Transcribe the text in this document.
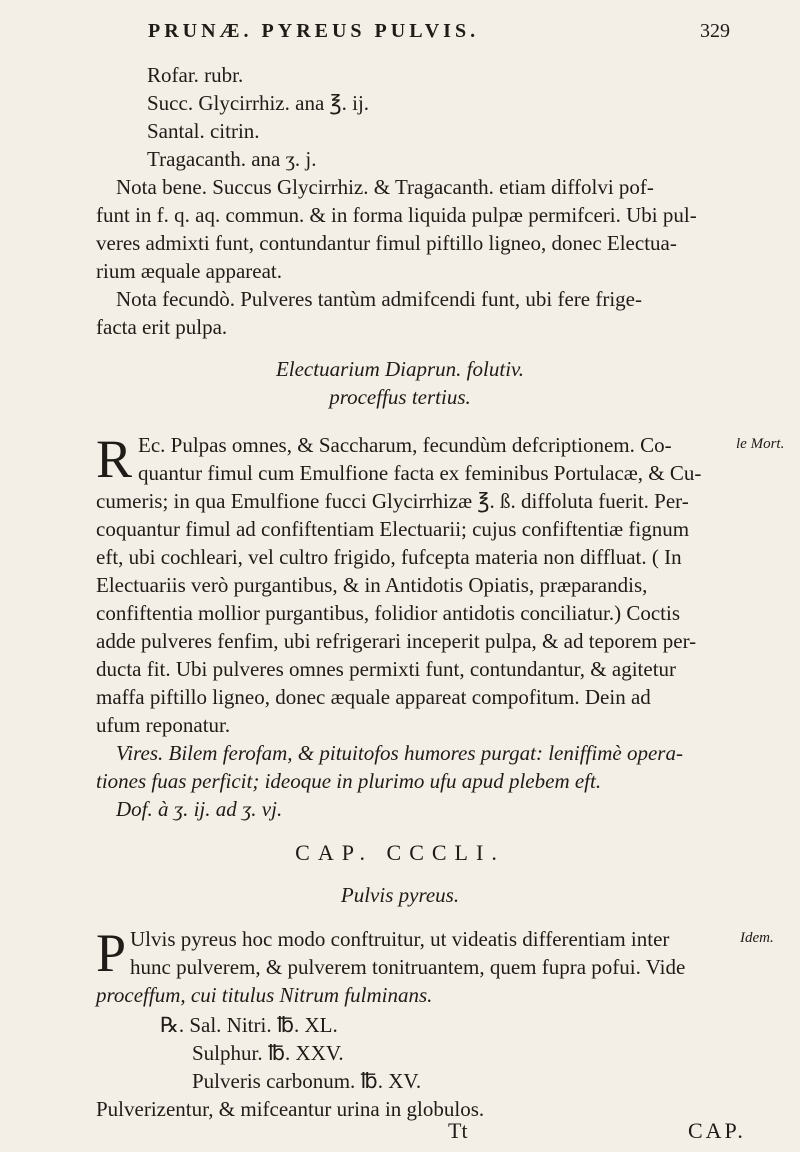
PRUNÆ. PYREUS PULVIS.	329
Rofar. rubr.
Succ. Glycirrhiz. ana ℥. ij.
Santal. citrin.
Tragacanth. ana ʒ. j.
Nota bene. Succus Glycirrhiz. & Tragacanth. etiam diffolvi pof-
funt in f. q. aq. commun. & in forma liquida pulpæ permifceri. Ubi pul-
veres admixti funt, contundantur fimul piftillo ligneo, donec Electua-
rium æquale appareat.
Nota fecundò. Pulveres tantùm admifcendi funt, ubi fere frige-
facta erit pulpa.
Electuarium Diaprun. folutiv.
proceffus tertius.
R	le Mort.
Ec. Pulpas omnes, & Saccharum, fecundùm defcriptionem. Co-
quantur fimul cum Emulfione facta ex feminibus Portulacæ, & Cu-
cumeris; in qua Emulfione fucci Glycirrhizæ ℥. ß. diffoluta fuerit. Per-
coquantur fimul ad confiftentiam Electuarii; cujus confiftentiæ fignum
eft, ubi cochleari, vel cultro frigido, fufcepta materia non diffluat. ( In
Electuariis verò purgantibus, & in Antidotis Opiatis, præparandis,
confiftentia mollior purgantibus, folidior antidotis conciliatur.) Coctis
adde pulveres fenfim, ubi refrigerari inceperit pulpa, & ad teporem per-
ducta fit. Ubi pulveres omnes permixti funt, contundantur, & agitetur
maffa piftillo ligneo, donec æquale appareat compofitum. Dein ad
ufum reponatur.
Vires. Bilem ferofam, & pituitofos humores purgat: leniffimè opera-
tiones fuas perficit; ideoque in plurimo ufu apud plebem eft.
Dof. à ʒ. ij. ad ʒ. vj.
CAP. CCCLI.
Pulvis pyreus.
P	Idem.
Ulvis pyreus hoc modo conftruitur, ut videatis differentiam inter
hunc pulverem, & pulverem tonitruantem, quem fupra pofui. Vide
proceffum, cui titulus Nitrum fulminans.
℞. Sal. Nitri. ℔. XL.
Sulphur. ℔. XXV.
Pulveris carbonum. ℔. XV.
Pulverizentur, & mifceantur urina in globulos.
Tt	CAP.
